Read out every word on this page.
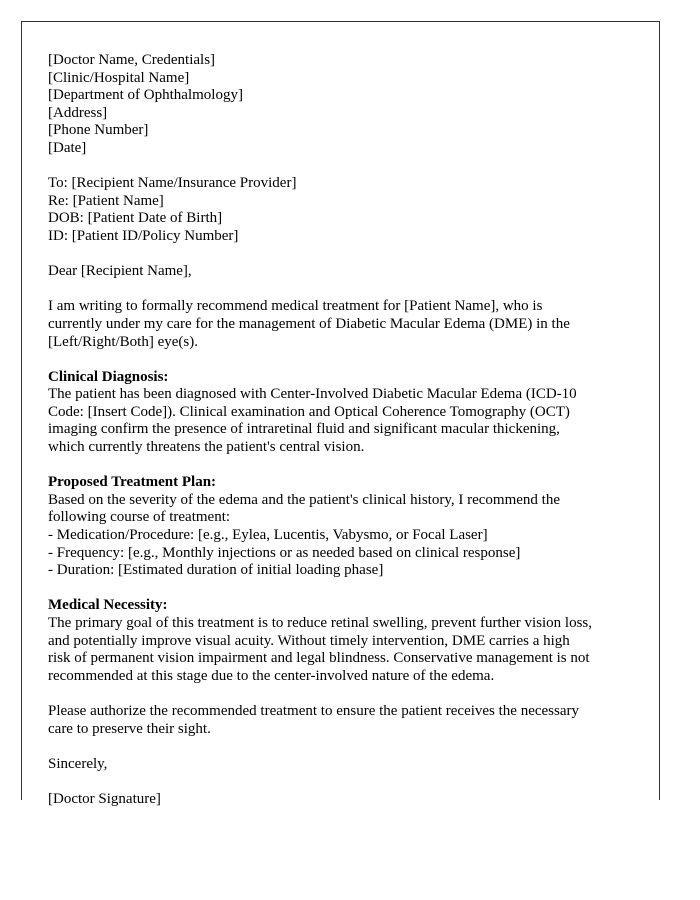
[Doctor Name, Credentials]
[Clinic/Hospital Name]
[Department of Ophthalmology]
[Address]
[Phone Number]
[Date]

To: [Recipient Name/Insurance Provider]
Re: [Patient Name]
DOB: [Patient Date of Birth]
ID: [Patient ID/Policy Number]

Dear [Recipient Name],

I am writing to formally recommend medical treatment for [Patient Name], who is
currently under my care for the management of Diabetic Macular Edema (DME) in the
[Left/Right/Both] eye(s).

Clinical Diagnosis:
The patient has been diagnosed with Center-Involved Diabetic Macular Edema (ICD-10
Code: [Insert Code]). Clinical examination and Optical Coherence Tomography (OCT)
imaging confirm the presence of intraretinal fluid and significant macular thickening,
which currently threatens the patient's central vision.

Proposed Treatment Plan:
Based on the severity of the edema and the patient's clinical history, I recommend the
following course of treatment:
- Medication/Procedure: [e.g., Eylea, Lucentis, Vabysmo, or Focal Laser]
- Frequency: [e.g., Monthly injections or as needed based on clinical response]
- Duration: [Estimated duration of initial loading phase]

Medical Necessity:
The primary goal of this treatment is to reduce retinal swelling, prevent further vision loss,
and potentially improve visual acuity. Without timely intervention, DME carries a high
risk of permanent vision impairment and legal blindness. Conservative management is not
recommended at this stage due to the center-involved nature of the edema.

Please authorize the recommended treatment to ensure the patient receives the necessary
care to preserve their sight.

Sincerely,

[Doctor Signature]
